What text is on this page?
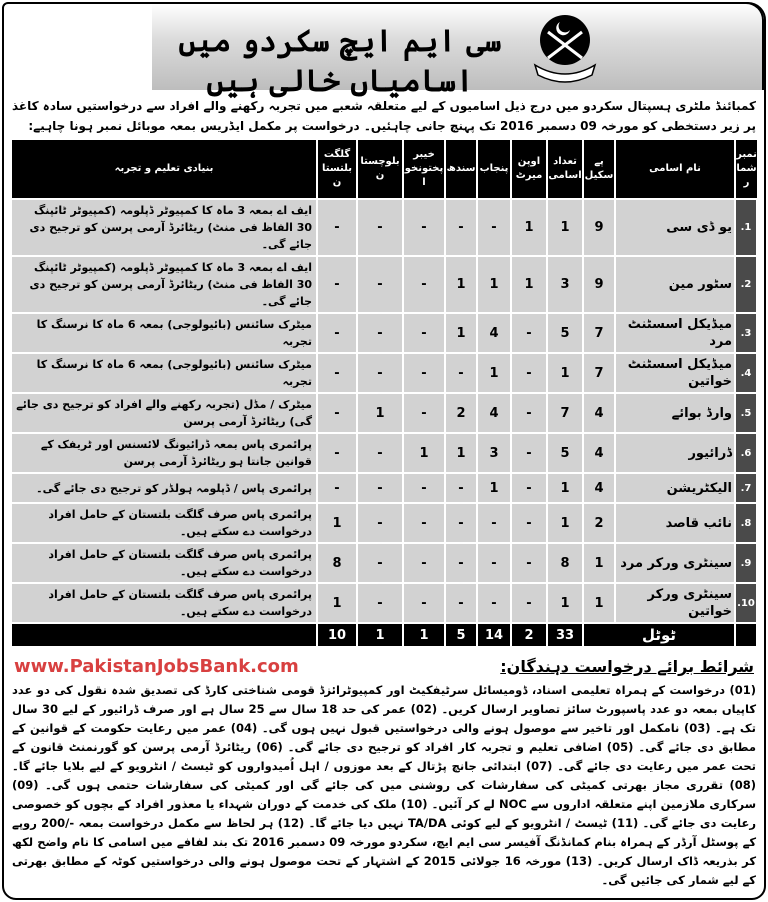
سی ایم ایچ سکردو میں اسامیاں خالی ہیں
کمبائنڈ ملٹری ہسپتال سکردو میں درج ذیل اسامیوں کے لیے متعلقہ شعبے میں تجربہ رکھنے والے افراد سے درخواستیں سادہ کاغذ پر زیر دستخطی کو مورخہ 09 دسمبر 2016 تک پہنچ جانی چاہئیں۔ درخواست پر مکمل ایڈریس بمعہ موبائل نمبر ہونا چاہیے:
نمبر شمار	نام اسامی	پے سکیل	تعداد اسامی	اوپن میرٹ	پنجاب	سندھ	خیبر پختونخوا	بلوچستان	گلگت بلتستان	بنیادی تعلیم و تجربہ
1.	یو ڈی سی	9	1	1	-	-	-	-	-	ایف اے بمعہ 3 ماہ کا کمپیوٹر ڈپلومہ (کمپیوٹر ٹائپنگ 30 الفاظ فی منٹ) ریٹائرڈ آرمی پرسن کو ترجیح دی جائے گی۔
2.	سٹور مین	9	3	1	1	1	-	-	-	ایف اے بمعہ 3 ماہ کا کمپیوٹر ڈپلومہ (کمپیوٹر ٹائپنگ 30 الفاظ فی منٹ) ریٹائرڈ آرمی پرسن کو ترجیح دی جائے گی۔
3.	میڈیکل اسسٹنٹ مرد	7	5	-	4	1	-	-	-	میٹرک سائنس (بائیولوجی) بمعہ 6 ماہ کا نرسنگ کا تجربہ
4.	میڈیکل اسسٹنٹ خواتین	7	1	-	1	-	-	-	-	میٹرک سائنس (بائیولوجی) بمعہ 6 ماہ کا نرسنگ کا تجربہ
5.	وارڈ بوائے	4	7	-	4	2	-	1	-	میٹرک / مڈل (تجربہ رکھنے والے افراد کو ترجیح دی جائے گی) ریٹائرڈ آرمی پرسن
6.	ڈرائیور	4	5	-	3	1	1	-	-	پرائمری پاس بمعہ ڈرائیونگ لائسنس اور ٹریفک کے قوانین جانتا ہو ریٹائرڈ آرمی پرسن
7.	الیکٹریشن	4	1	-	1	-	-	-	-	پرائمری پاس / ڈپلومہ ہولڈر کو ترجیح دی جائے گی۔
8.	نائب قاصد	2	1	-	-	-	-	-	1	پرائمری پاس صرف گلگت بلتستان کے حامل افراد درخواست دے سکتے ہیں۔
9.	سینٹری ورکر مرد	1	8	-	-	-	-	-	8	پرائمری پاس صرف گلگت بلتستان کے حامل افراد درخواست دے سکتے ہیں۔
10.	سینٹری ورکر خواتین	1	1	-	-	-	-	-	1	پرائمری پاس صرف گلگت بلتستان کے حامل افراد درخواست دے سکتے ہیں۔
	ٹوٹل		33	2	14	5	1	1	10	
www.PakistanJobsBank.com	شرائط برائے درخواست دہندگان:
(01) درخواست کے ہمراہ تعلیمی اسناد، ڈومیسائل سرٹیفکیٹ اور کمپیوٹرائزڈ قومی شناختی کارڈ کی تصدیق شدہ نقول کی دو عدد کاپیاں بمعہ دو عدد پاسپورٹ سائز تصاویر ارسال کریں۔ (02) عمر کی حد 18 سال سے 25 سال ہے اور صرف ڈرائیور کے لیے 30 سال تک ہے۔ (03) نامکمل اور تاخیر سے موصول ہونے والی درخواستیں قبول نہیں ہوں گی۔ (04) عمر میں رعایت حکومت کے قوانین کے مطابق دی جائے گی۔ (05) اضافی تعلیم و تجربہ کار افراد کو ترجیح دی جائے گی۔ (06) ریٹائرڈ آرمی پرسن کو گورنمنٹ قانون کے تحت عمر میں رعایت دی جائے گی۔ (07) ابتدائی جانچ پڑتال کے بعد موزوں / اہل اُمیدواروں کو ٹیسٹ / انٹرویو کے لیے بلایا جائے گا۔ (08) تقرری مجاز بھرتی کمیٹی کی سفارشات کی روشنی میں کی جائے گی اور کمیٹی کی سفارشات حتمی ہوں گی۔ (09) سرکاری ملازمین اپنے متعلقہ اداروں سے NOC لے کر آئیں۔ (10) ملک کی خدمت کے دوران شہداء یا معذور افراد کے بچوں کو خصوصی رعایت دی جائے گی۔ (11) ٹیسٹ / انٹرویو کے لیے کوئی TA/DA نہیں دیا جائے گا۔ (12) ہر لحاظ سے مکمل درخواست بمعہ -/200 روپے کے پوسٹل آرڈر کے ہمراہ بنام کمانڈنگ آفیسر سی ایم ایچ، سکردو مورخہ 09 دسمبر 2016 تک بند لفافے میں اسامی کا نام واضح لکھ کر بذریعہ ڈاک ارسال کریں۔ (13) مورخہ 16 جولائی 2015 کے اشتہار کے تحت موصول ہونے والی درخواستیں کوٹہ کے مطابق بھرتی کے لیے شمار کی جائیں گی۔
